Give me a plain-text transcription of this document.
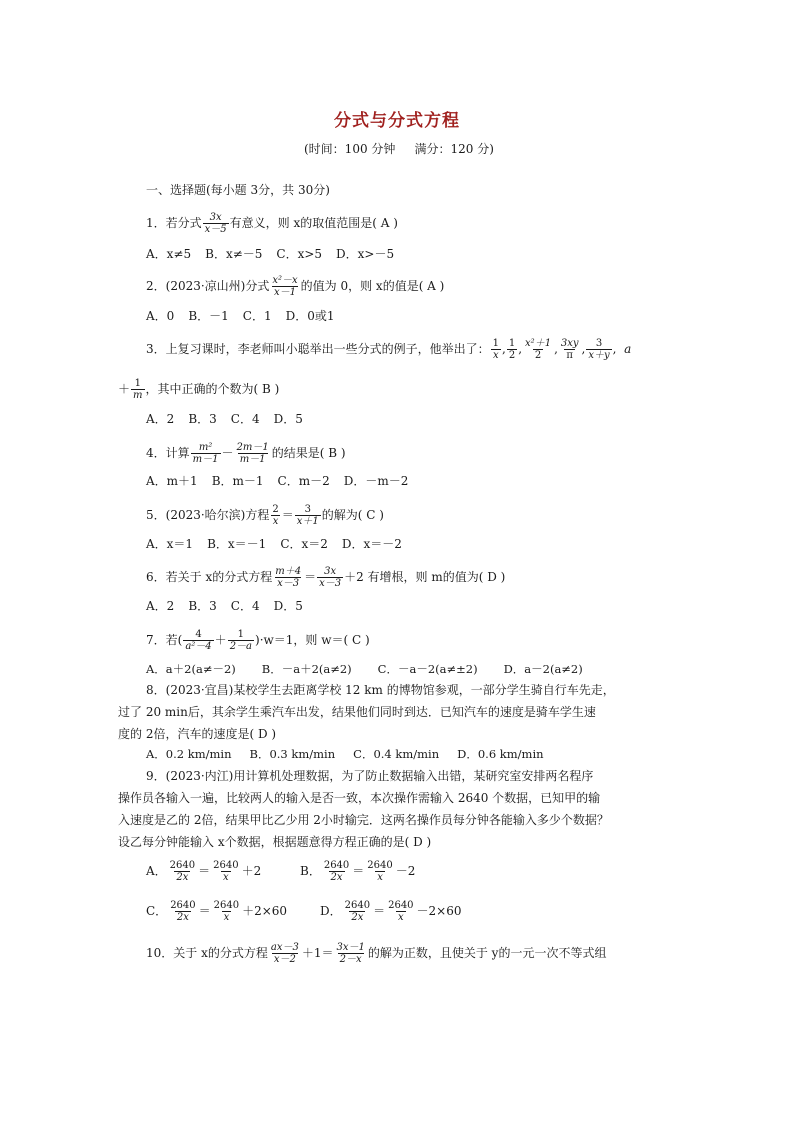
分式与分式方程
(时间：100 分钟     满分：120 分)
一、选择题(每小题 3分，共 30分)
1．若分式 $\frac{3x}{x-5}$ 有意义，则 x的取值范围是( A )
A．x≠5 B．x≠－5 C．x>5 D．x>－5
2．(2023·凉山州)分式 $\frac{\text{x²－x}}{x-1}$ 的值为 0，则 x的值是( A )
A．0 B．－1 C．1 D．0或1
3．上复习课时，李老师叫小聪举出一些分式的例子，他举出了： $\frac{1}{x}$ , $\frac{1}{2}$ , $\frac{\text{x²＋1}}{2}$ , $\frac{3xy}{\pi}$ , $\frac{3}{x+y}$ ,  a
＋ $\frac{1}{m}$ ，其中正确的个数为( B )
A．2 B．3 C．4 D．5
4．计算 $\frac{\text{m²}}{m-1} - \frac{2m-1}{m-1}$ 的结果是( B )
A．m＋1 B．m－1 C．m－2 D．－m－2
5．(2023·哈尔滨)方程 $\frac{2}{x} = \frac{3}{x+1}$ 的解为( C )
A．x＝1 B．x＝－1 C．x＝2 D．x＝－2
6．若关于 x的分式方程 $\frac{m+4}{x-3} = \frac{3x}{x-3} +2$ 有增根，则 m的值为( D )
A．2 B．3 C．4 D．5
7．若( $\frac{4}{\text{a²－4}} + \frac{1}{2-a} )\cdot w=1$，则 w＝( C )
A．a＋2(a≠－2) B．－a＋2(a≠2) C．－a－2(a≠±2) D．a－2(a≠2)
8．(2023·宜昌)某校学生去距离学校 12 km 的博物馆参观，一部分学生骑自行车先走，
过了 20 min后，其余学生乘汽车出发，结果他们同时到达．已知汽车的速度是骑车学生速
度的 2倍，汽车的速度是( D )
A．0.2 km/min B．0.3 km/min C．0.4 km/min D．0.6 km/min
9．(2023·内江)用计算机处理数据，为了防止数据输入出错，某研究室安排两名程序
操作员各输入一遍，比较两人的输入是否一致，本次操作需输入 2640 个数据，已知甲的输
入速度是乙的 2倍，结果甲比乙少用 2小时输完．这两名操作员每分钟各能输入多少个数据？
设乙每分钟能输入 x个数据，根据题意得方程正确的是( D )
A． $\frac{2640}{2x} = \frac{2640}{x} +2$	B． $\frac{2640}{2x} = \frac{2640}{x} -2$
C． $\frac{2640}{2x} = \frac{2640}{x} +2\times 60$	D． $\frac{2640}{2x} = \frac{2640}{x} -2\times 60$
10．关于 x的分式方程 $\frac{ax-3}{x-2} +1= \frac{3x-1}{2-x}$ 的解为正数，且使关于 y的一元一次不等式组
